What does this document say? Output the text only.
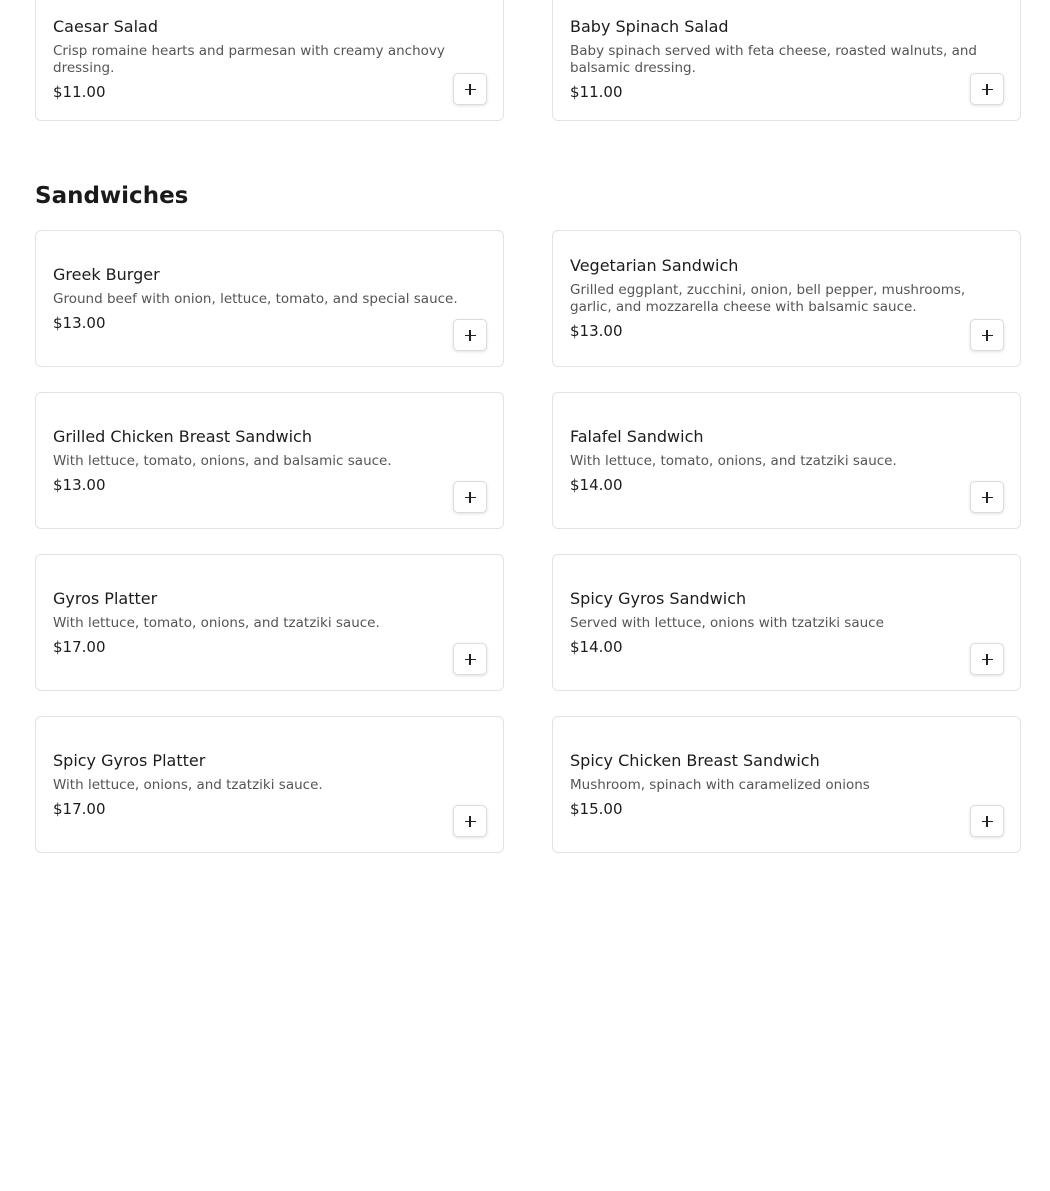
Caesar Salad
Crisp romaine hearts and parmesan with creamy anchovy dressing.
$11.00
Baby Spinach Salad
Baby spinach served with feta cheese, roasted walnuts, and balsamic dressing.
$11.00
Sandwiches
Greek Burger
Ground beef with onion, lettuce, tomato, and special sauce.
$13.00
Vegetarian Sandwich
Grilled eggplant, zucchini, onion, bell pepper, mushrooms, garlic, and mozzarella cheese with balsamic sauce.
$13.00
Grilled Chicken Breast Sandwich
With lettuce, tomato, onions, and balsamic sauce.
$13.00
Falafel Sandwich
With lettuce, tomato, onions, and tzatziki sauce.
$14.00
Gyros Platter
With lettuce, tomato, onions, and tzatziki sauce.
$17.00
Spicy Gyros Sandwich
Served with lettuce, onions with tzatziki sauce
$14.00
Spicy Gyros Platter
With lettuce, onions, and tzatziki sauce.
$17.00
Spicy Chicken Breast Sandwich
Mushroom, spinach with caramelized onions
$15.00
